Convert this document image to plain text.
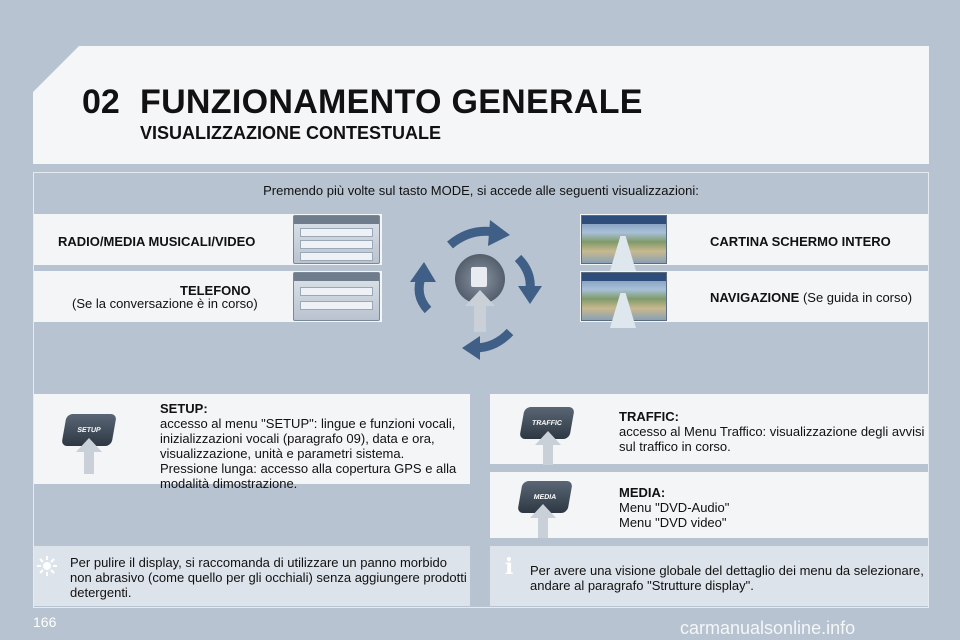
02 FUNZIONAMENTO GENERALE
VISUALIZZAZIONE CONTESTUALE
Premendo più volte sul tasto MODE, si accede alle seguenti visualizzazioni:
RADIO/MEDIA MUSICALI/VIDEO
TELEFONO
(Se la conversazione è in corso)
CARTINA SCHERMO INTERO
NAVIGAZIONE (Se guida in corso)
SETUP
SETUP:
accesso al menu "SETUP": lingue e funzioni vocali,
inizializzazioni vocali (paragrafo 09), data e ora,
visualizzazione, unità e parametri sistema.
Pressione lunga: accesso alla copertura GPS e alla
modalità dimostrazione.
TRAFFIC	TRAFFIC:
accesso al Menu Traffico: visualizzazione degli avvisi
sul traffico in corso.
MEDIA	MEDIA:
Menu "DVD-Audio"
Menu "DVD video"
Per pulire il display, si raccomanda di utilizzare un panno morbido
non abrasivo (come quello per gli occhiali) senza aggiungere prodotti
detergenti.
i	Per avere una visione globale del dettaglio dei menu da selezionare,
andare al paragrafo "Strutture display".
166	carmanualsonline.info
